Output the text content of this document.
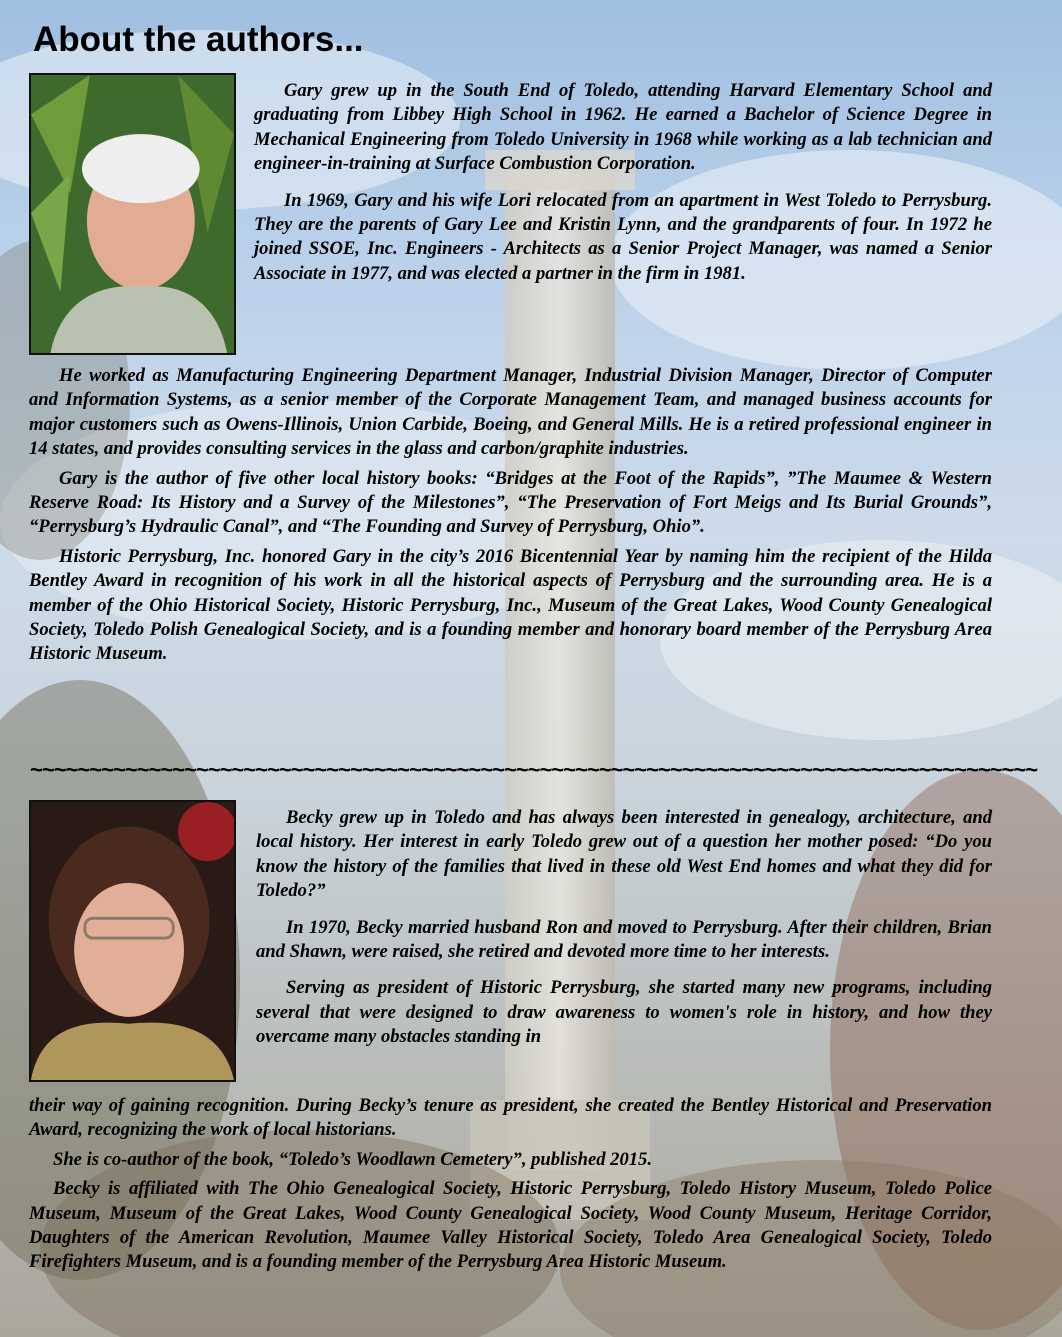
About the authors...

Gary grew up in the South End of Toledo, attending Harvard Elementary School and graduating from Libbey High School in 1962. He earned a Bachelor of Science Degree in Mechanical Engineering from Toledo University in 1968 while working as a lab technician and engineer-in-training at Surface Combustion Corporation.

In 1969, Gary and his wife Lori relocated from an apartment in West Toledo to Perrysburg. They are the parents of Gary Lee and Kristin Lynn, and the grandparents of four. In 1972 he joined SSOE, Inc. Engineers - Architects as a Senior Project Manager, was named a Senior Associate in 1977, and was elected a partner in the firm in 1981.

He worked as Manufacturing Engineering Department Manager, Industrial Division Manager, Director of Computer and Information Systems, as a senior member of the Corporate Management Team, and managed business accounts for major customers such as Owens-Illinois, Union Carbide, Boeing, and General Mills. He is a retired professional engineer in 14 states, and provides consulting services in the glass and carbon/graphite industries.

Gary is the author of five other local history books: “Bridges at the Foot of the Rapids”, ”The Maumee & Western Reserve Road: Its History and a Survey of the Milestones”, “The Preservation of Fort Meigs and Its Burial Grounds”, “Perrysburg’s Hydraulic Canal”, and “The Founding and Survey of Perrysburg, Ohio”.

Historic Perrysburg, Inc. honored Gary in the city’s 2016 Bicentennial Year by naming him the recipient of the Hilda Bentley Award in recognition of his work in all the historical aspects of Perrysburg and the surrounding area. He is a member of the Ohio Historical Society, Historic Perrysburg, Inc., Museum of the Great Lakes, Wood County Genealogical Society, Toledo Polish Genealogical Society, and is a founding member and honorary board member of the Perrysburg Area Historic Museum.

~~~~~~~~~~~~~~~~~~~~~~~~~~~~~~~~~~~~~~~~~~~~~~~~~~~~~~~~~~~~~~~~~~~~~~~~~~~~~~~~~~~~~

Becky grew up in Toledo and has always been interested in genealogy, architecture, and local history. Her interest in early Toledo grew out of a question her mother posed: “Do you know the history of the families that lived in these old West End homes and what they did for Toledo?”

In 1970, Becky married husband Ron and moved to Perrysburg. After their children, Brian and Shawn, were raised, she retired and devoted more time to her interests.

Serving as president of Historic Perrysburg, she started many new programs, including several that were designed to draw awareness to women's role in history, and how they overcame many obstacles standing in

their way of gaining recognition. During Becky’s tenure as president, she created the Bentley Historical and Preservation Award, recognizing the work of local historians.

She is co-author of the book, “Toledo’s Woodlawn Cemetery”, published 2015.

Becky is affiliated with The Ohio Genealogical Society, Historic Perrysburg, Toledo History Museum, Toledo Police Museum, Museum of the Great Lakes, Wood County Genealogical Society, Wood County Museum, Heritage Corridor, Daughters of the American Revolution, Maumee Valley Historical Society, Toledo Area Genealogical Society, Toledo Firefighters Museum, and is a founding member of the Perrysburg Area Historic Museum.
